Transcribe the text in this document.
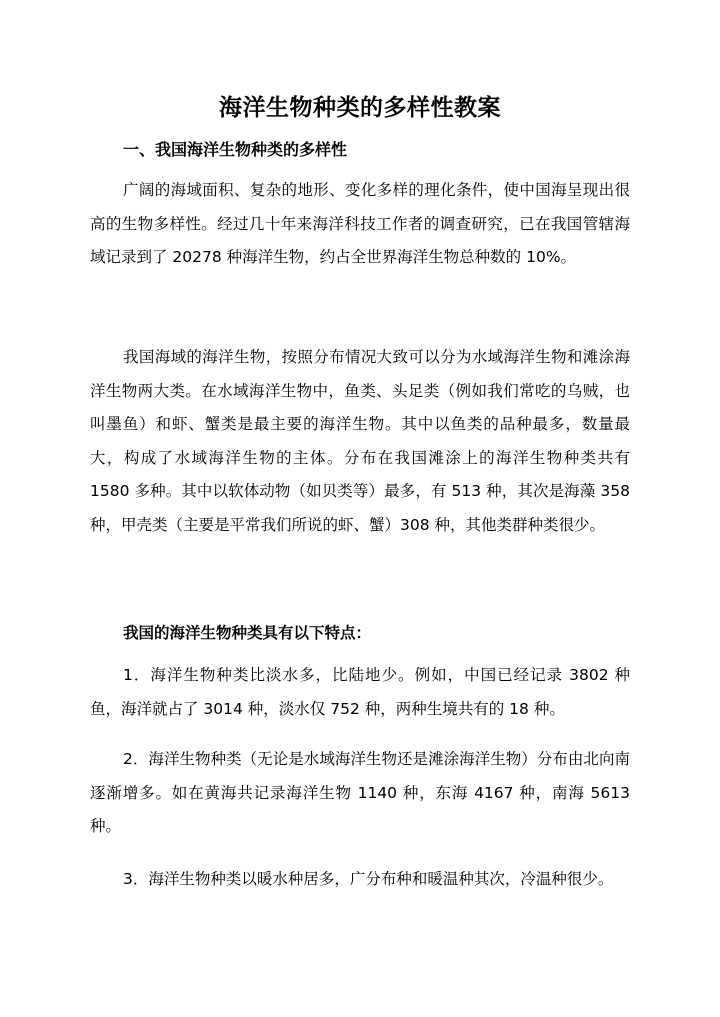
海洋生物种类的多样性教案
一、我国海洋生物种类的多样性

广阔的海域面积、复杂的地形、变化多样的理化条件，使中国海呈现出很高的生物多样性。经过几十年来海洋科技工作者的调查研究，已在我国管辖海域记录到了 20278 种海洋生物，约占全世界海洋生物总种数的 10%。

我国海域的海洋生物，按照分布情况大致可以分为水域海洋生物和滩涂海洋生物两大类。在水域海洋生物中，鱼类、头足类（例如我们常吃的乌贼，也叫墨鱼）和虾、蟹类是最主要的海洋生物。其中以鱼类的品种最多，数量最大，构成了水域海洋生物的主体。分布在我国滩涂上的海洋生物种类共有 1580 多种。其中以软体动物（如贝类等）最多，有 513 种，其次是海藻 358 种，甲壳类（主要是平常我们所说的虾、蟹）308 种，其他类群种类很少。

我国的海洋生物种类具有以下特点：

1．海洋生物种类比淡水多，比陆地少。例如，中国已经记录 3802 种鱼，海洋就占了 3014 种，淡水仅 752 种，两种生境共有的 18 种。

2．海洋生物种类（无论是水域海洋生物还是滩涂海洋生物）分布由北向南逐渐增多。如在黄海共记录海洋生物 1140 种，东海 4167 种，南海 5613 种。

3．海洋生物种类以暖水种居多，广分布种和暖温种其次，冷温种很少。
